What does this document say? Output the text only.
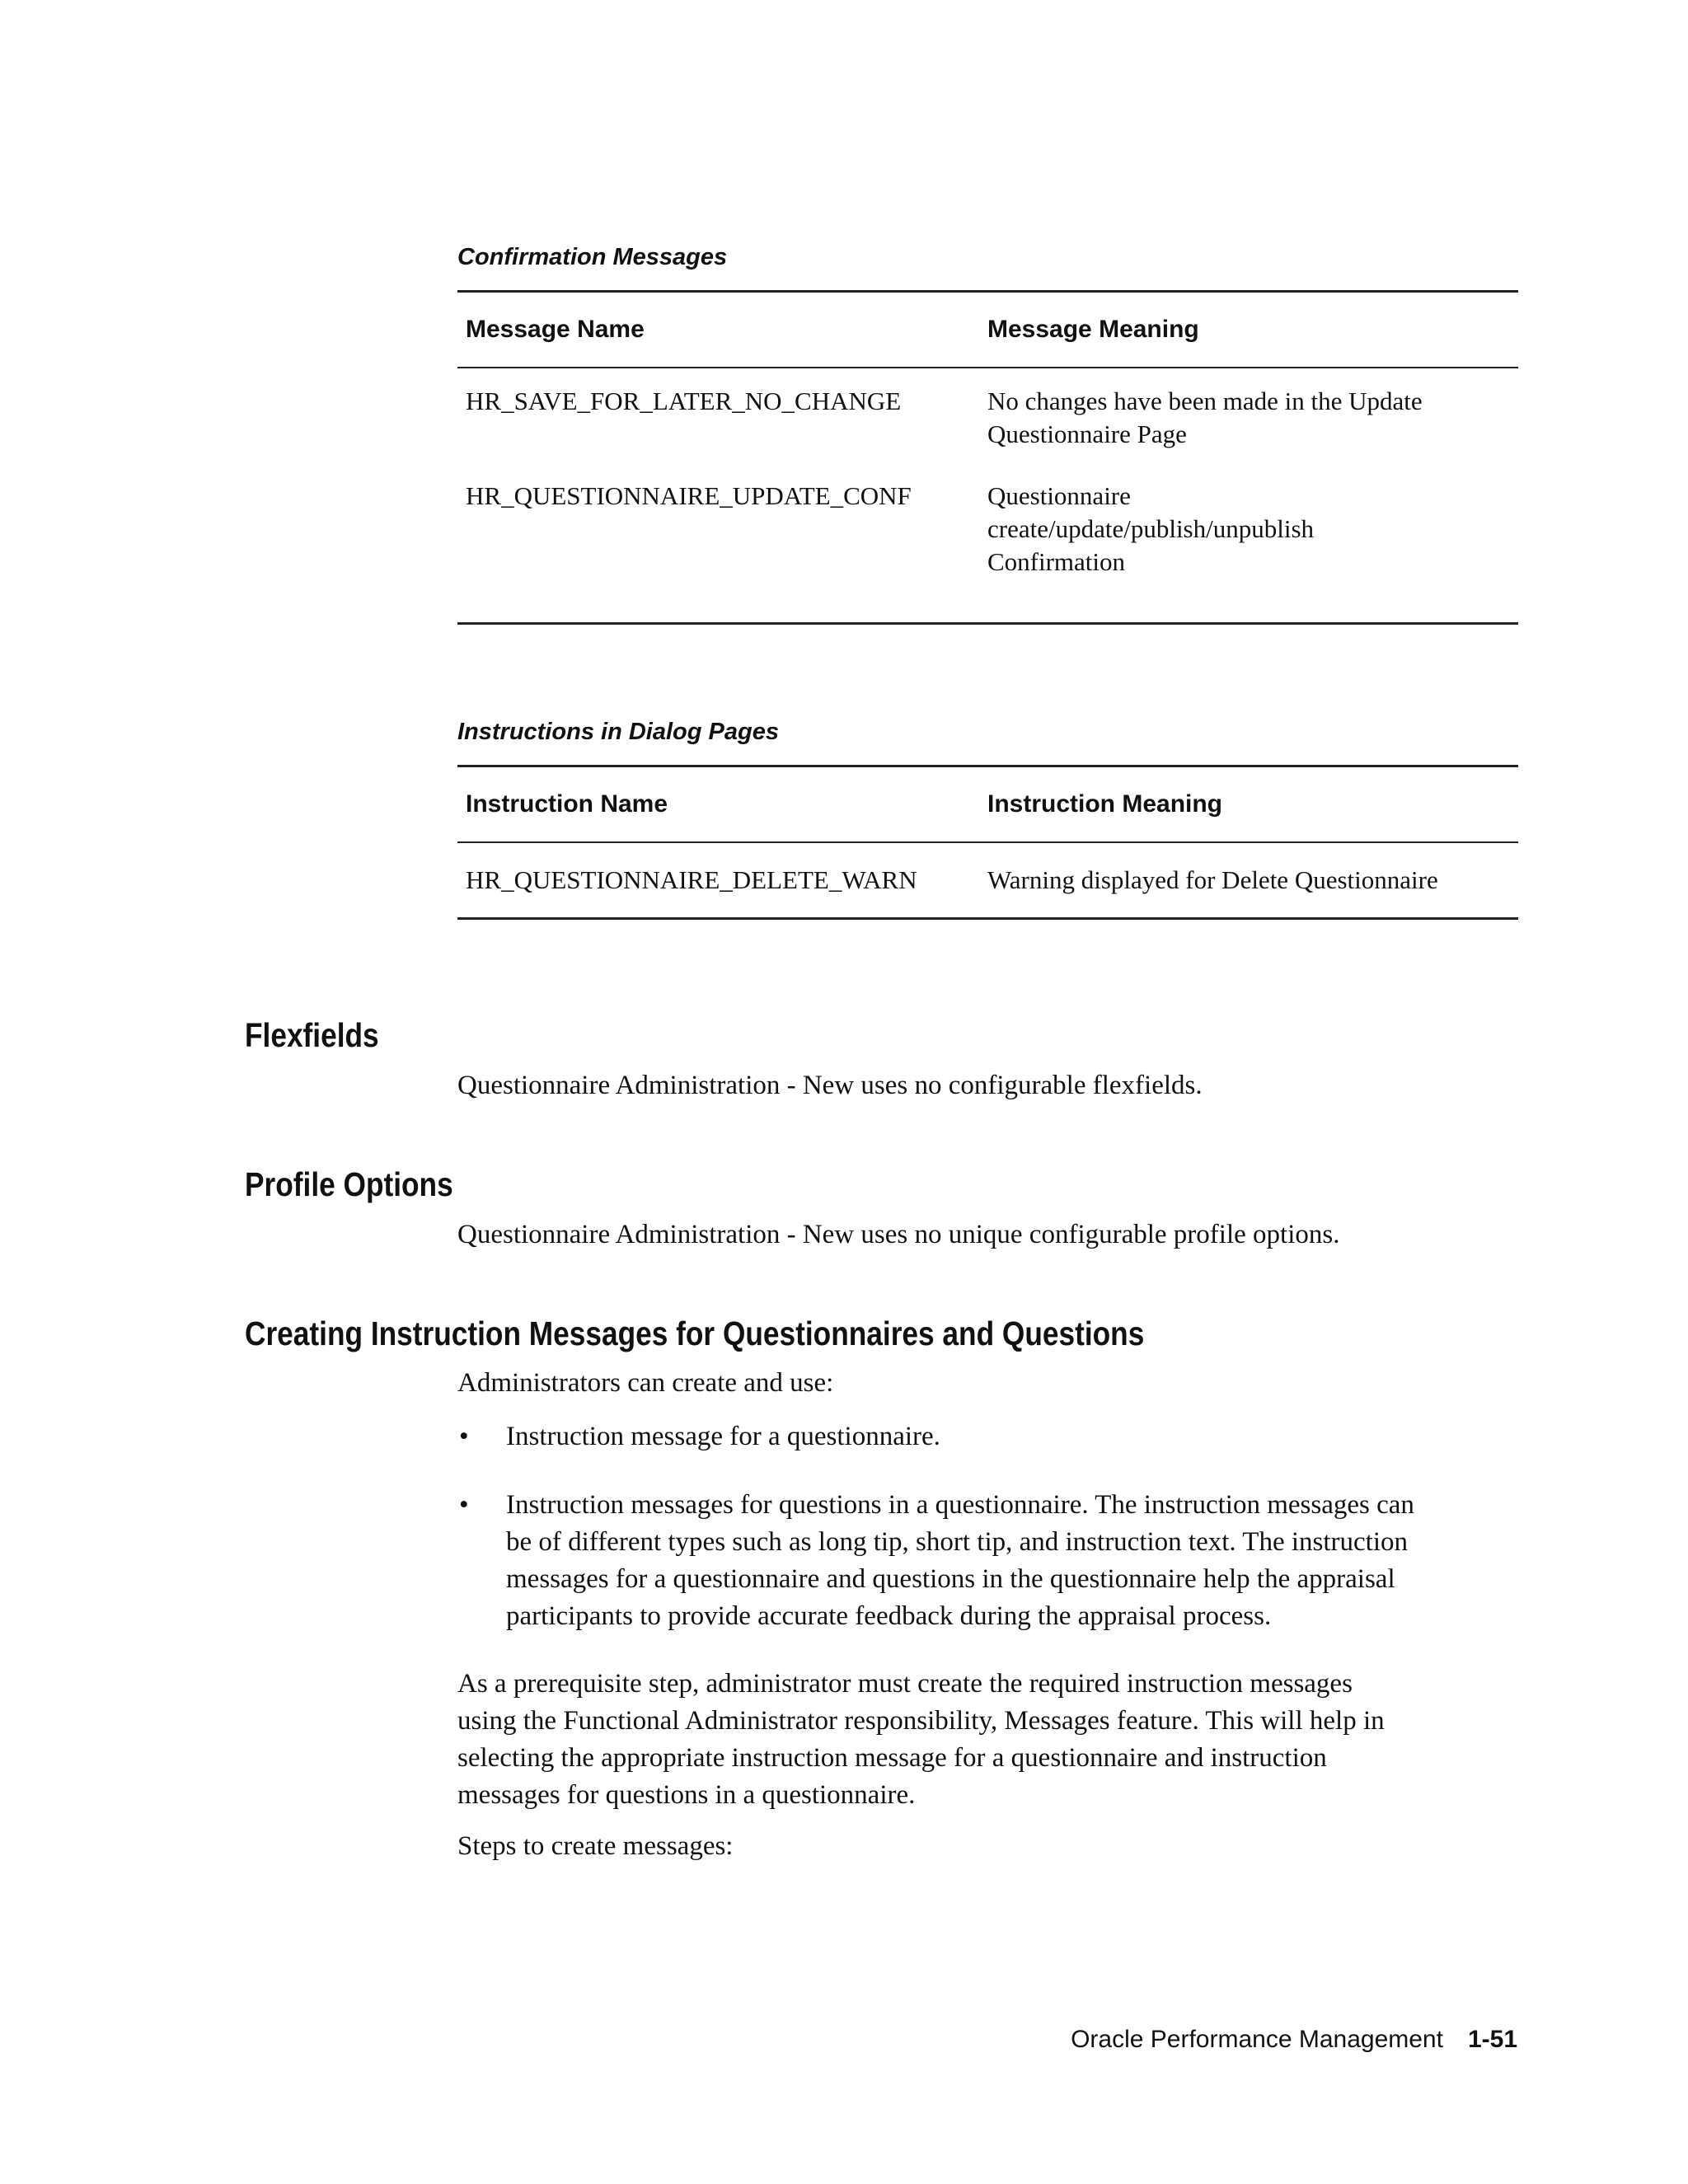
Confirmation Messages
Message Name	Message Meaning
HR_SAVE_FOR_LATER_NO_CHANGE	No changes have been made in the Update
Questionnaire Page
HR_QUESTIONNAIRE_UPDATE_CONF	Questionnaire
create/update/publish/unpublish
Confirmation
Instructions in Dialog Pages
Instruction Name	Instruction Meaning
HR_QUESTIONNAIRE_DELETE_WARN	Warning displayed for Delete Questionnaire
Flexfields
Questionnaire Administration - New uses no configurable flexfields.
Profile Options
Questionnaire Administration - New uses no unique configurable profile options.
Creating Instruction Messages for Questionnaires and Questions
Administrators can create and use:
• Instruction message for a questionnaire.
• Instruction messages for questions in a questionnaire. The instruction messages can
be of different types such as long tip, short tip, and instruction text. The instruction
messages for a questionnaire and questions in the questionnaire help the appraisal
participants to provide accurate feedback during the appraisal process.
As a prerequisite step, administrator must create the required instruction messages
using the Functional Administrator responsibility, Messages feature. This will help in
selecting the appropriate instruction message for a questionnaire and instruction
messages for questions in a questionnaire.
Steps to create messages:
Oracle Performance Management 1-51
